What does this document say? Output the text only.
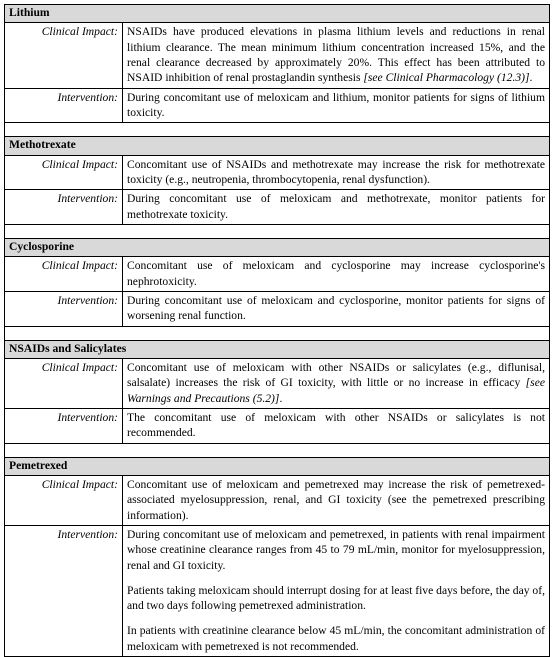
Lithium	
Clinical Impact:	NSAIDs have produced elevations in plasma lithium levels and reductions in renal lithium clearance. The mean minimum lithium concentration increased 15%, and the renal clearance decreased by approximately 20%. This effect has been attributed to NSAID inhibition of renal prostaglandin synthesis [see Clinical Pharmacology (12.3)].
Intervention:	During concomitant use of meloxicam and lithium, monitor patients for signs of lithium toxicity.

Methotrexate	
Clinical Impact:	Concomitant use of NSAIDs and methotrexate may increase the risk for methotrexate toxicity (e.g., neutropenia, thrombocytopenia, renal dysfunction).
Intervention:	During concomitant use of meloxicam and methotrexate, monitor patients for methotrexate toxicity.

Cyclosporine	
Clinical Impact:	Concomitant use of meloxicam and cyclosporine may increase cyclosporine's nephrotoxicity.
Intervention:	During concomitant use of meloxicam and cyclosporine, monitor patients for signs of worsening renal function.

NSAIDs and Salicylates	
Clinical Impact:	Concomitant use of meloxicam with other NSAIDs or salicylates (e.g., diflunisal, salsalate) increases the risk of GI toxicity, with little or no increase in efficacy [see Warnings and Precautions (5.2)].
Intervention:	The concomitant use of meloxicam with other NSAIDs or salicylates is not recommended.

Pemetrexed	
Clinical Impact:	Concomitant use of meloxicam and pemetrexed may increase the risk of pemetrexed-associated myelosuppression, renal, and GI toxicity (see the pemetrexed prescribing information).
Intervention:	During concomitant use of meloxicam and pemetrexed, in patients with renal impairment whose creatinine clearance ranges from 45 to 79 mL/min, monitor for myelosuppression, renal and GI toxicity.

Patients taking meloxicam should interrupt dosing for at least five days before, the day of, and two days following pemetrexed administration.

In patients with creatinine clearance below 45 mL/min, the concomitant administration of meloxicam with pemetrexed is not recommended.
